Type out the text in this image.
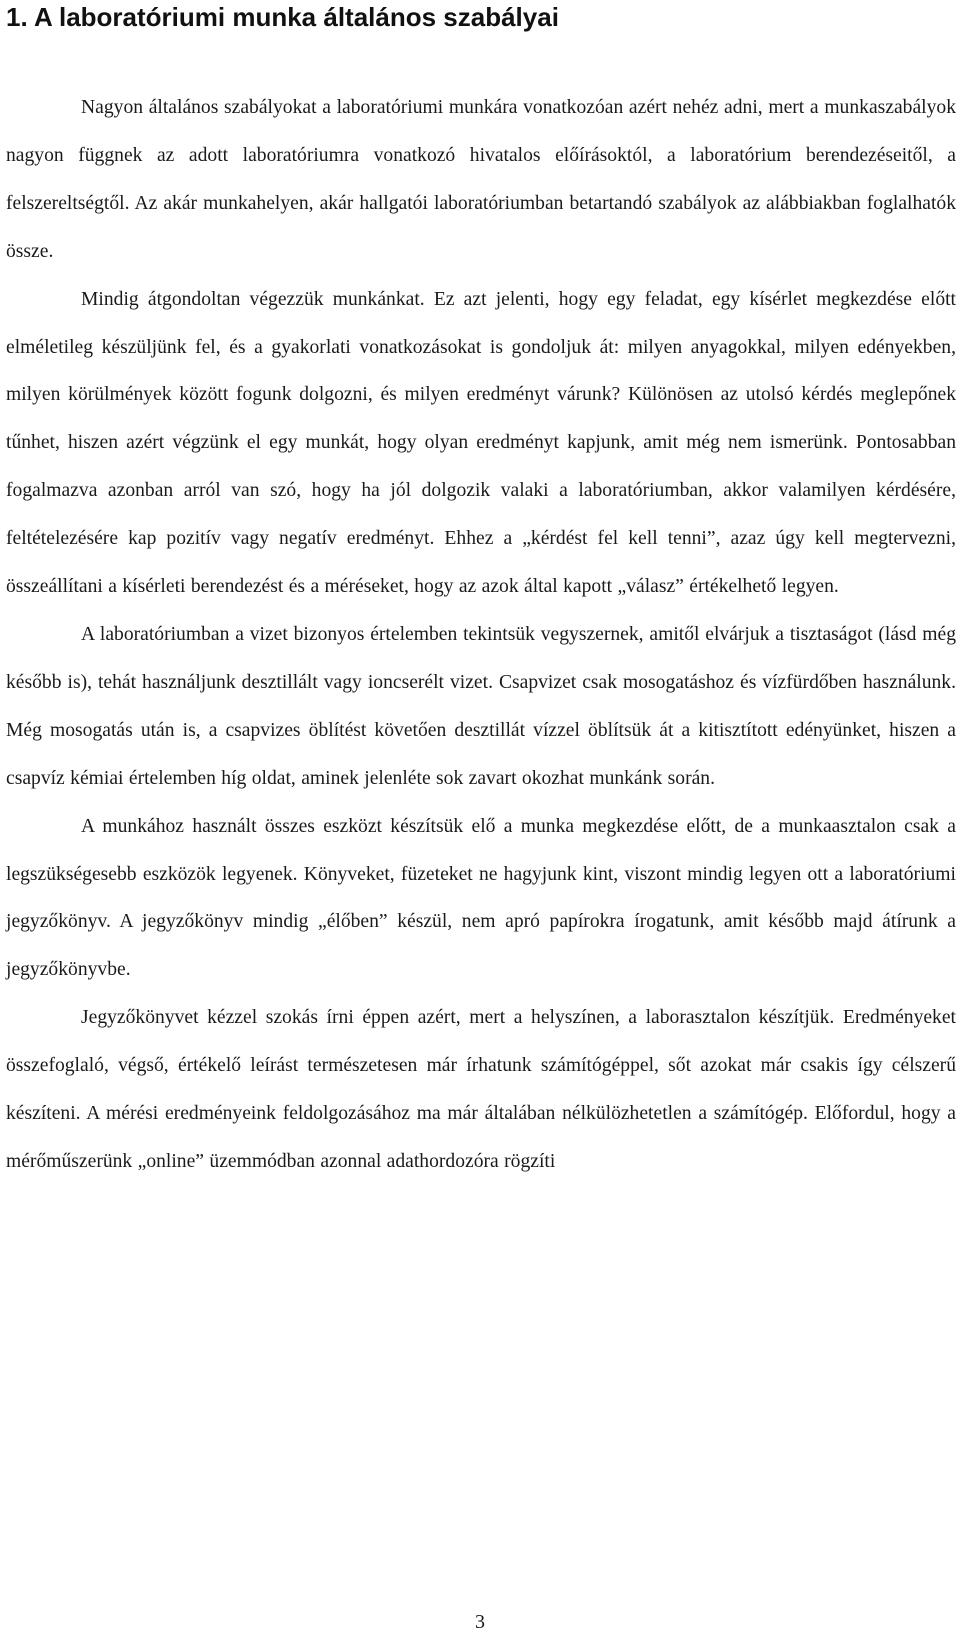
1. A laboratóriumi munka általános szabályai

Nagyon általános szabályokat a laboratóriumi munkára vonatkozóan azért nehéz adni, mert a munkaszabályok nagyon függnek az adott laboratóriumra vonatkozó hivatalos előírásoktól, a laboratórium berendezéseitől, a felszereltségtől. Az akár munkahelyen, akár hallgatói laboratóriumban betartandó szabályok az alábbiakban foglalhatók össze.

Mindig átgondoltan végezzük munkánkat. Ez azt jelenti, hogy egy feladat, egy kísérlet megkezdése előtt elméletileg készüljünk fel, és a gyakorlati vonatkozásokat is gondoljuk át: milyen anyagokkal, milyen edényekben, milyen körülmények között fogunk dolgozni, és milyen eredményt várunk? Különösen az utolsó kérdés meglepőnek tűnhet, hiszen azért végzünk el egy munkát, hogy olyan eredményt kapjunk, amit még nem ismerünk. Pontosabban fogalmazva azonban arról van szó, hogy ha jól dolgozik valaki a laboratóriumban, akkor valamilyen kérdésére, feltételezésére kap pozitív vagy negatív eredményt. Ehhez a „kérdést fel kell tenni”, azaz úgy kell megtervezni, összeállítani a kísérleti berendezést és a méréseket, hogy az azok által kapott „válasz” értékelhető legyen.

A laboratóriumban a vizet bizonyos értelemben tekintsük vegyszernek, amitől elvárjuk a tisztaságot (lásd még később is), tehát használjunk desztillált vagy ioncserélt vizet. Csapvizet csak mosogatáshoz és vízfürdőben használunk. Még mosogatás után is, a csapvizes öblítést követően desztillát vízzel öblítsük át a kitisztított edényünket, hiszen a csapvíz kémiai értelemben híg oldat, aminek jelenléte sok zavart okozhat munkánk során.

A munkához használt összes eszközt készítsük elő a munka megkezdése előtt, de a munkaasztalon csak a legszükségesebb eszközök legyenek. Könyveket, füzeteket ne hagyjunk kint, viszont mindig legyen ott a laboratóriumi jegyzőkönyv. A jegyzőkönyv mindig „élőben” készül, nem apró papírokra írogatunk, amit később majd átírunk a jegyzőkönyvbe.

Jegyzőkönyvet kézzel szokás írni éppen azért, mert a helyszínen, a laborasztalon készítjük. Eredményeket összefoglaló, végső, értékelő leírást természetesen már írhatunk számítógéppel, sőt azokat már csakis így célszerű készíteni. A mérési eredményeink feldolgozásához ma már általában nélkülözhetetlen a számítógép. Előfordul, hogy a mérőműszerünk „online” üzemmódban azonnal adathordozóra rögzíti

3
